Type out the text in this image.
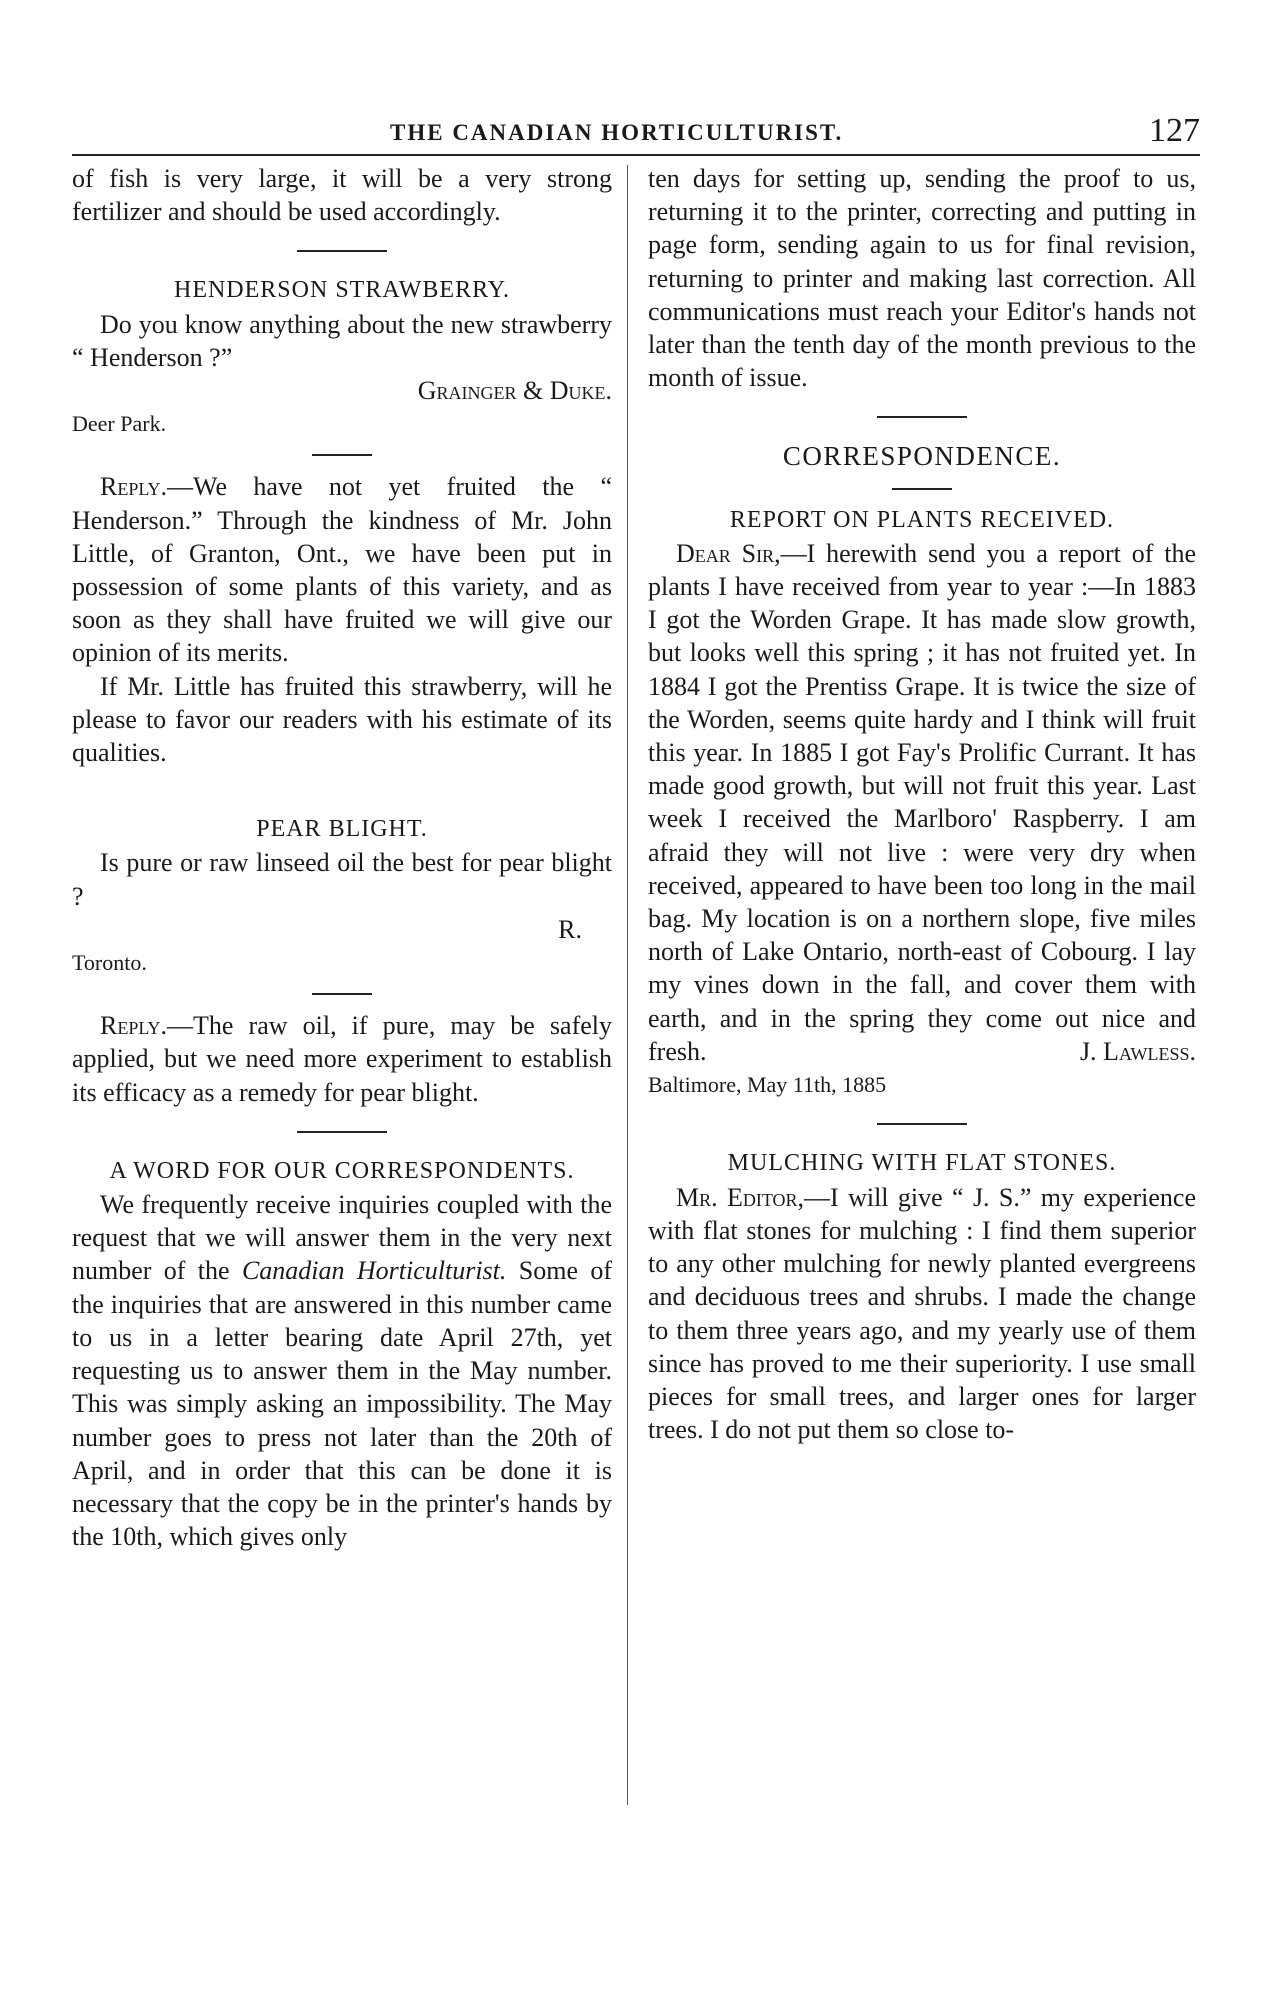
THE CANADIAN HORTICULTURIST.	127

of fish is very large, it will be a very strong fertilizer and should be used accordingly.

HENDERSON STRAWBERRY.

Do you know anything about the new strawberry “ Henderson ?”

Grainger & Duke.

Deer Park.

Reply.—We have not yet fruited the “ Henderson.” Through the kindness of Mr. John Little, of Granton, Ont., we have been put in possession of some plants of this variety, and as soon as they shall have fruited we will give our opinion of its merits.

If Mr. Little has fruited this strawberry, will he please to favor our readers with his estimate of its qualities.

PEAR BLIGHT.

Is pure or raw linseed oil the best for pear blight ?

R.

Toronto.

Reply.—The raw oil, if pure, may be safely applied, but we need more experiment to establish its efficacy as a remedy for pear blight.

A WORD FOR OUR CORRESPONDENTS.

We frequently receive inquiries coupled with the request that we will answer them in the very next number of the Canadian Horticulturist. Some of the inquiries that are answered in this number came to us in a letter bearing date April 27th, yet requesting us to answer them in the May number. This was simply asking an impossibility. The May number goes to press not later than the 20th of April, and in order that this can be done it is necessary that the copy be in the printer's hands by the 10th, which gives only

ten days for setting up, sending the proof to us, returning it to the printer, correcting and putting in page form, sending again to us for final revision, returning to printer and making last correction. All communications must reach your Editor's hands not later than the tenth day of the month previous to the month of issue.

CORRESPONDENCE.
REPORT ON PLANTS RECEIVED.

Dear Sir,—I herewith send you a report of the plants I have received from year to year :—In 1883 I got the Worden Grape. It has made slow growth, but looks well this spring ; it has not fruited yet. In 1884 I got the Prentiss Grape. It is twice the size of the Worden, seems quite hardy and I think will fruit this year. In 1885 I got Fay's Prolific Currant. It has made good growth, but will not fruit this year. Last week I received the Marlboro' Raspberry. I am afraid they will not live : were very dry when received, appeared to have been too long in the mail bag. My location is on a northern slope, five miles north of Lake Ontario, north-east of Cobourg. I lay my vines down in the fall, and cover them with earth, and in the spring they come out nice and fresh.	J. Lawless.

Baltimore, May 11th, 1885

MULCHING WITH FLAT STONES.

Mr. Editor,—I will give “ J. S.” my experience with flat stones for mulching : I find them superior to any other mulching for newly planted evergreens and deciduous trees and shrubs. I made the change to them three years ago, and my yearly use of them since has proved to me their superiority. I use small pieces for small trees, and larger ones for larger trees. I do not put them so close to-
